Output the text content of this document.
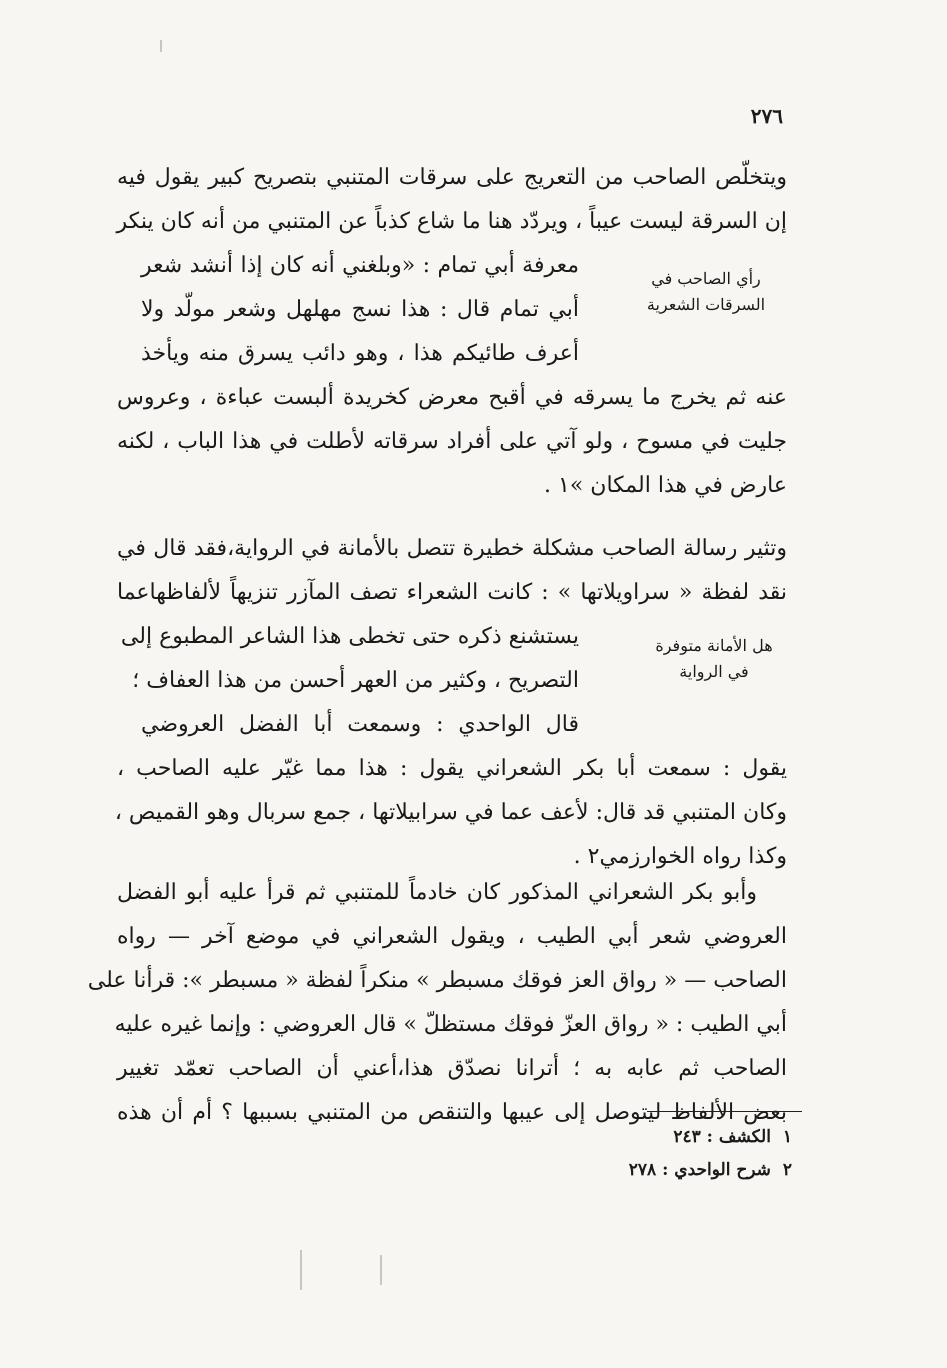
٢٧٦
ويتخلّص الصاحب من التعريج على سرقات المتنبي بتصريح كبير يقول فيه
إن السرقة ليست عيباً ، ويردّد هنا ما شاع كذباً عن المتنبي من أنه كان ينكر
معرفة أبي تمام : «وبلغني أنه كان إذا أنشد شعر
أبي تمام قال : هذا نسج مهلهل وشعر مولّد ولا
أعرف طائيكم هذا ، وهو دائب يسرق منه ويأخذ
رأي الصاحب في
السرقات الشعرية
عنه ثم يخرج ما يسرقه في أقبح معرض كخريدة ألبست عباءة ، وعروس
جليت في مسوح ، ولو آتي على أفراد سرقاته لأطلت في هذا الباب ، لكنه
عارض في هذا المكان »١ .
وتثير رسالة الصاحب مشكلة خطيرة تتصل بالأمانة في الرواية،فقد قال في
نقد لفظة « سراويلاتها » : كانت الشعراء تصف المآزر تنزيهاً لألفاظهاعما
يستشنع ذكره حتى تخطى هذا الشاعر المطبوع إلى
التصريح ، وكثير من العهر أحسن من هذا العفاف ؛
قال الواحدي : وسمعت أبا الفضل العروضي
هل الأمانة متوفرة
في الرواية
يقول : سمعت أبا بكر الشعراني يقول : هذا مما غيّر عليه الصاحب ،
وكان المتنبي قد قال: لأعف عما في سرابيلاتها ، جمع سربال وهو القميص ،
وكذا رواه الخوارزمي٢ .
وأبو بكر الشعراني المذكور كان خادماً للمتنبي ثم قرأ عليه أبو الفضل
العروضي شعر أبي الطيب ، ويقول الشعراني في موضع آخر — رواه
الصاحب — « رواق العز فوقك مسبطر » منكراً لفظة « مسبطر »: قرأنا على
أبي الطيب : « رواق العزّ فوقك مستظلّ » قال العروضي : وإنما غيره عليه
الصاحب ثم عابه به ؛ أترانا نصدّق هذا،أعني أن الصاحب تعمّد تغيير
بعض الألفاظ ليتوصل إلى عيبها والتنقص من المتنبي بسببها ؟ أم أن هذه
١ الكشف : ٢٤٣
٢ شرح الواحدي : ٢٧٨
